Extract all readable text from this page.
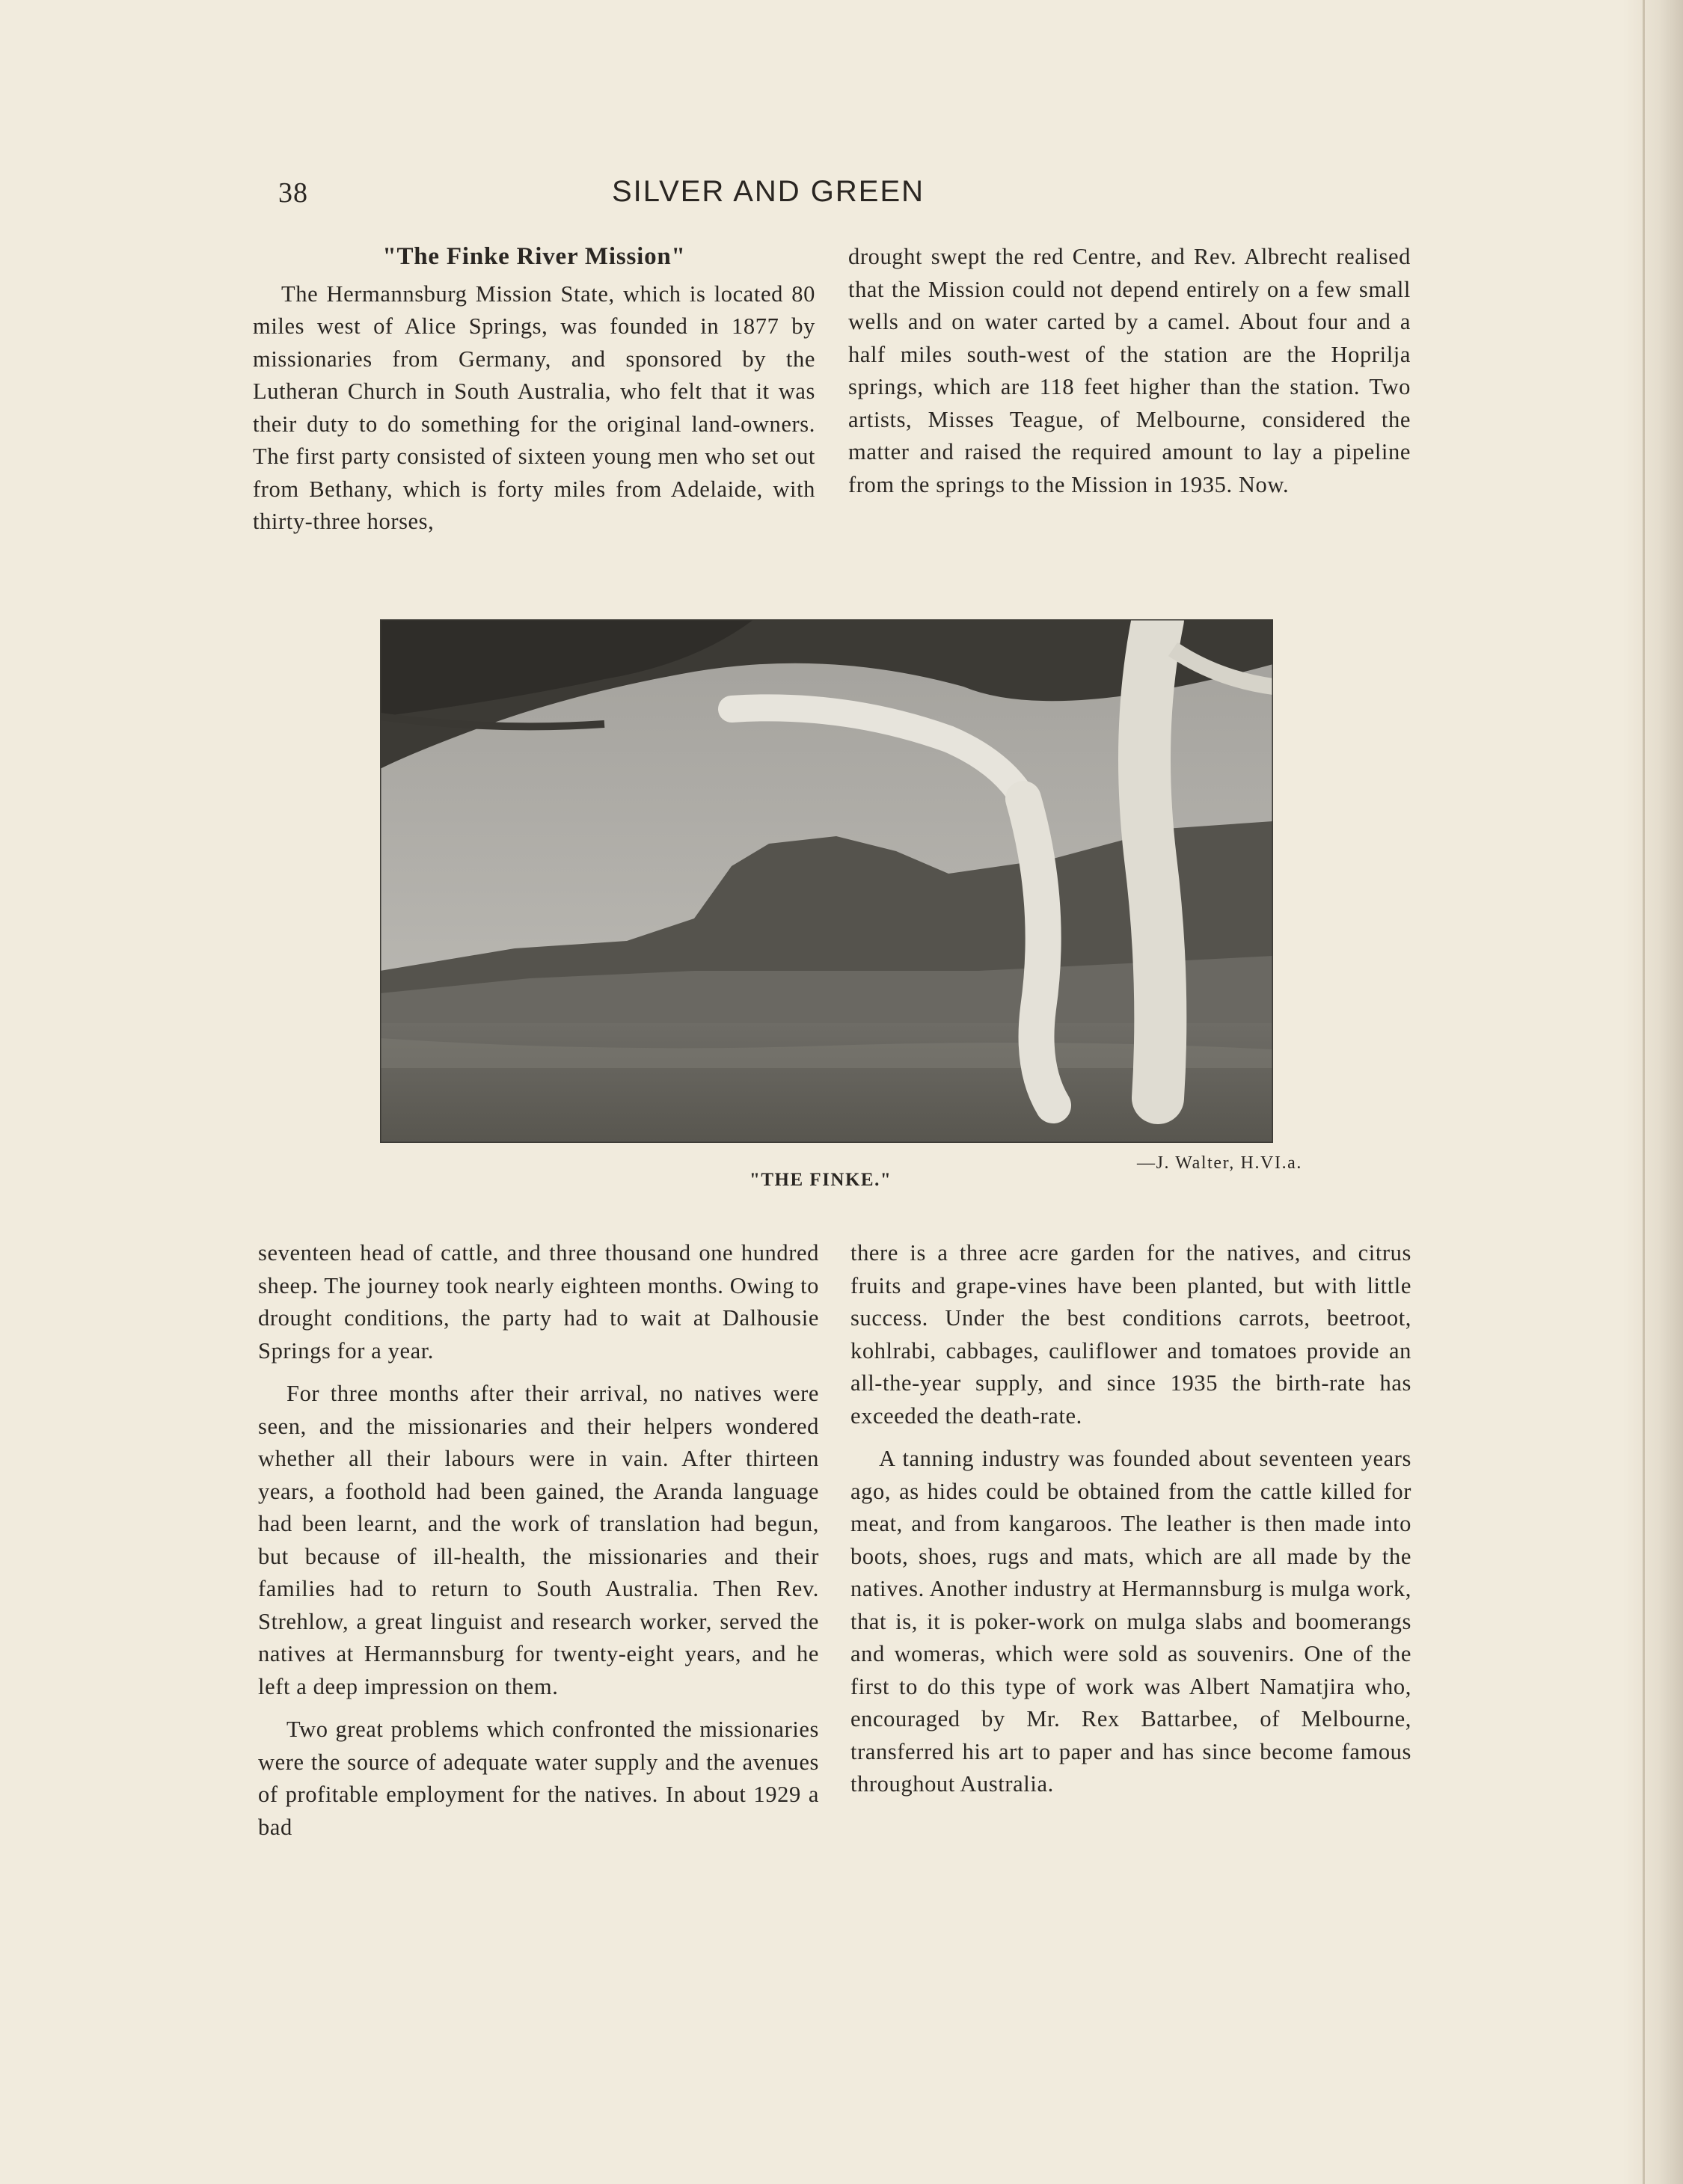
38	SILVER AND GREEN
"The Finke River Mission"

The Hermannsburg Mission State, which is located 80 miles west of Alice Springs, was founded in 1877 by missionaries from Germany, and sponsored by the Lutheran Church in South Australia, who felt that it was their duty to do something for the original land-owners. The first party consisted of sixteen young men who set out from Bethany, which is forty miles from Adelaide, with thirty-three horses,

drought swept the red Centre, and Rev. Albrecht realised that the Mission could not depend entirely on a few small wells and on water carted by a camel. About four and a half miles south-west of the station are the Hoprilja springs, which are 118 feet higher than the station. Two artists, Misses Teague, of Melbourne, considered the matter and raised the required amount to lay a pipeline from the springs to the Mission in 1935. Now.

—J. Walter, H.VI.a.
"THE FINKE."

seventeen head of cattle, and three thousand one hundred sheep. The journey took nearly eighteen months. Owing to drought conditions, the party had to wait at Dalhousie Springs for a year.

For three months after their arrival, no natives were seen, and the missionaries and their helpers wondered whether all their labours were in vain. After thirteen years, a foothold had been gained, the Aranda language had been learnt, and the work of translation had begun, but because of ill-health, the missionaries and their families had to return to South Australia. Then Rev. Strehlow, a great linguist and research worker, served the natives at Hermannsburg for twenty-eight years, and he left a deep impression on them.

Two great problems which confronted the missionaries were the source of adequate water supply and the avenues of profitable employment for the natives. In about 1929 a bad

there is a three acre garden for the natives, and citrus fruits and grape-vines have been planted, but with little success. Under the best conditions carrots, beetroot, kohlrabi, cabbages, cauliflower and tomatoes provide an all-the-year supply, and since 1935 the birth-rate has exceeded the death-rate.

A tanning industry was founded about seventeen years ago, as hides could be obtained from the cattle killed for meat, and from kangaroos. The leather is then made into boots, shoes, rugs and mats, which are all made by the natives. Another industry at Hermannsburg is mulga work, that is, it is poker-work on mulga slabs and boomerangs and womeras, which were sold as souvenirs. One of the first to do this type of work was Albert Namatjira who, encouraged by Mr. Rex Battarbee, of Melbourne, transferred his art to paper and has since become famous throughout Australia.
